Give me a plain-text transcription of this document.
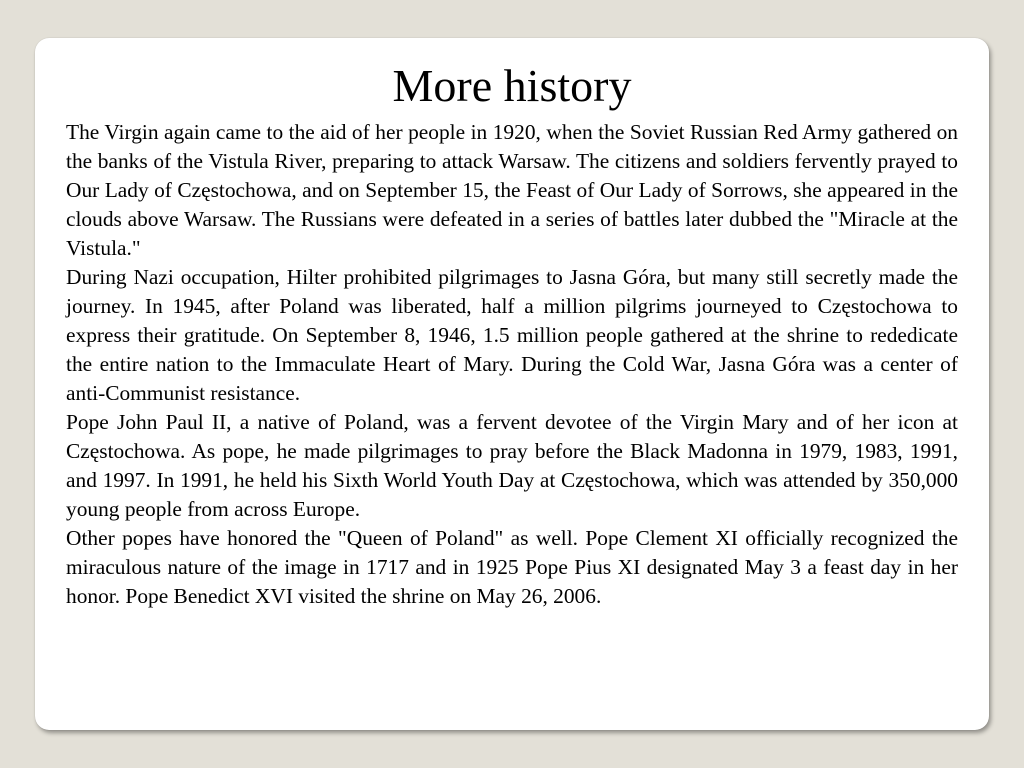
More history

The Virgin again came to the aid of her people in 1920, when the Soviet Russian Red Army gathered on the banks of the Vistula River, preparing to attack Warsaw. The citizens and soldiers fervently prayed to Our Lady of Częstochowa, and on September 15, the Feast of Our Lady of Sorrows, she appeared in the clouds above Warsaw. The Russians were defeated in a series of battles later dubbed the "Miracle at the Vistula."

During Nazi occupation, Hilter prohibited pilgrimages to Jasna Góra, but many still secretly made the journey. In 1945, after Poland was liberated, half a million pilgrims journeyed to Częstochowa to express their gratitude. On September 8, 1946, 1.5 million people gathered at the shrine to rededicate the entire nation to the Immaculate Heart of Mary. During the Cold War, Jasna Góra was a center of anti-Communist resistance.

Pope John Paul II, a native of Poland, was a fervent devotee of the Virgin Mary and of her icon at Częstochowa. As pope, he made pilgrimages to pray before the Black Madonna in 1979, 1983, 1991, and 1997. In 1991, he held his Sixth World Youth Day at Częstochowa, which was attended by 350,000 young people from across Europe.

Other popes have honored the "Queen of Poland" as well. Pope Clement XI officially recognized the miraculous nature of the image in 1717 and in 1925 Pope Pius XI designated May 3 a feast day in her honor. Pope Benedict XVI visited the shrine on May 26, 2006.
